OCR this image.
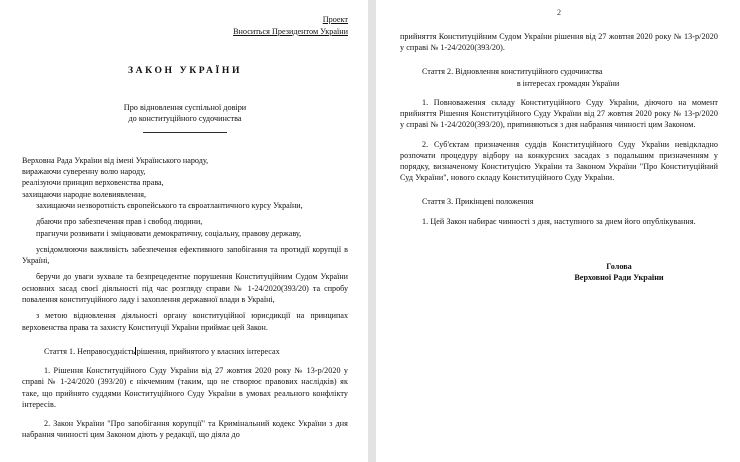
Проект
Вноситься Президентом України
ЗАКОН УКРАЇНИ
Про відновлення суспільної довіри
до конституційного судочинства

Верховна Рада України від імені Українського народу,

виражаючи суверенну волю народу,

реалізуючи принцип верховенства права,

захищаючи народне волевиявлення,

захищаючи незворотність європейського та євроатлантичного курсу України,

дбаючи про забезпечення прав і свобод людини,

прагнучи розвивати і зміцнювати демократичну, соціальну, правову державу,

усвідомлюючи важливість забезпечення ефективного запобігання та протидії корупції в Україні,

беручи до уваги зухвале та безпрецедентне порушення Конституційним Судом України основних засад своєї діяльності під час розгляду справи № 1-24/2020(393/20) та спробу повалення конституційного ладу і захоплення державної влади в Україні,

з метою відновлення діяльності органу конституційної юрисдикції на принципах верховенства права та захисту Конституції України приймає цей Закон.

Стаття 1. Неправосудність рішення, прийнятого у власних інтересах

1. Рішення Конституційного Суду України від 27 жовтня 2020 року № 13-р/2020 у справі № 1-24/2020 (393/20) є нікчемним (таким, що не створює правових наслідків) як таке, що прийнято суддями Конституційного Суду України в умовах реального конфлікту інтересів.

2. Закон України "Про запобігання корупції" та Кримінальний кодекс України з дня набрання чинності цим Законом діють у редакції, що діяла до

2

прийняття Конституційним Судом України рішення від 27 жовтня 2020 року № 13-р/2020 у справі № 1-24/2020(393/20).

Стаття 2. Відновлення конституційного судочинства

в інтересах громадян України

1. Повноваження складу Конституційного Суду України, діючого на момент прийняття Рішення Конституційного Суду України від 27 жовтня 2020 року № 13-р/2020 у справі № 1-24/2020(393/20), припиняються з дня набрання чинності цим Законом.

2. Суб'єктам призначення суддів Конституційного Суду України невідкладно розпочати процедуру відбору на конкурсних засадах з подальшим призначенням у порядку, визначеному Конституцією України та Законом України "Про Конституційний Суд України", нового складу Конституційного Суду України.

Стаття 3. Прикінцеві положення

1. Цей Закон набирає чинності з дня, наступного за днем його опублікування.

Голова

Верховної Ради України
